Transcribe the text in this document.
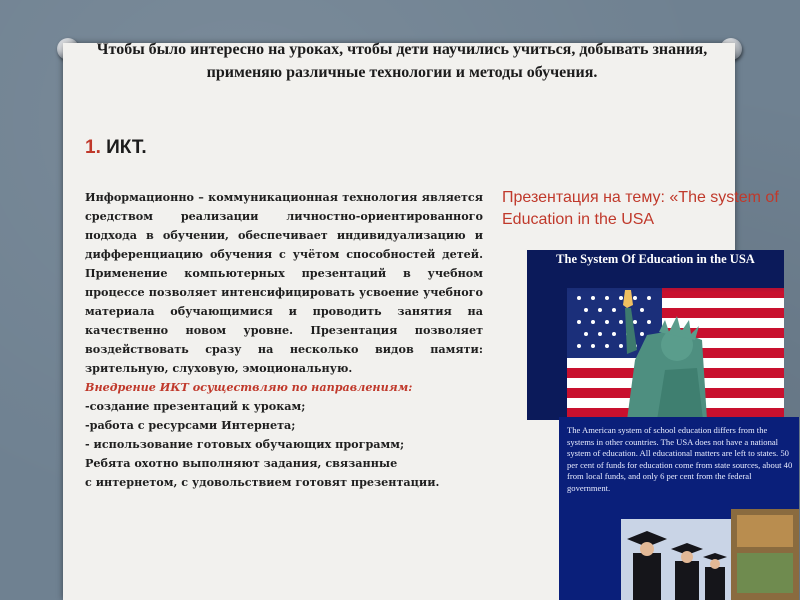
Чтобы было интересно на уроках, чтобы дети научились учиться, добывать знания, применяю различные технологии и методы обучения.
1. ИКТ.
Информационно – коммуникационная технология является средством реализации личностно-ориентированного подхода в обучении, обеспечивает индивидуализацию и дифференциацию обучения с учётом способностей детей. Применение компьютерных презентаций в учебном процессе позволяет интенсифицировать усвоение учебного материала обучающимися и проводить занятия на качественно новом уровне. Презентация позволяет воздействовать сразу на несколько видов памяти: зрительную, слуховую, эмоциональную.
Внедрение ИКТ осуществляю по направлениям:
-создание презентаций к урокам;
-работа с ресурсами Интернета;
- использование готовых обучающих программ;
Ребята охотно выполняют задания, связанные
с интернетом, с удовольствием готовят презентации.
Презентация на тему: «The system of Education in the USA
The System Of Education in the USA
The American system of school education differs from the systems in other countries. The USA does not have a national system of education. All educational matters are left to states. 50 per cent of funds for education come from state sources, about 40 from local funds, and only 6 per cent from the federal government.
